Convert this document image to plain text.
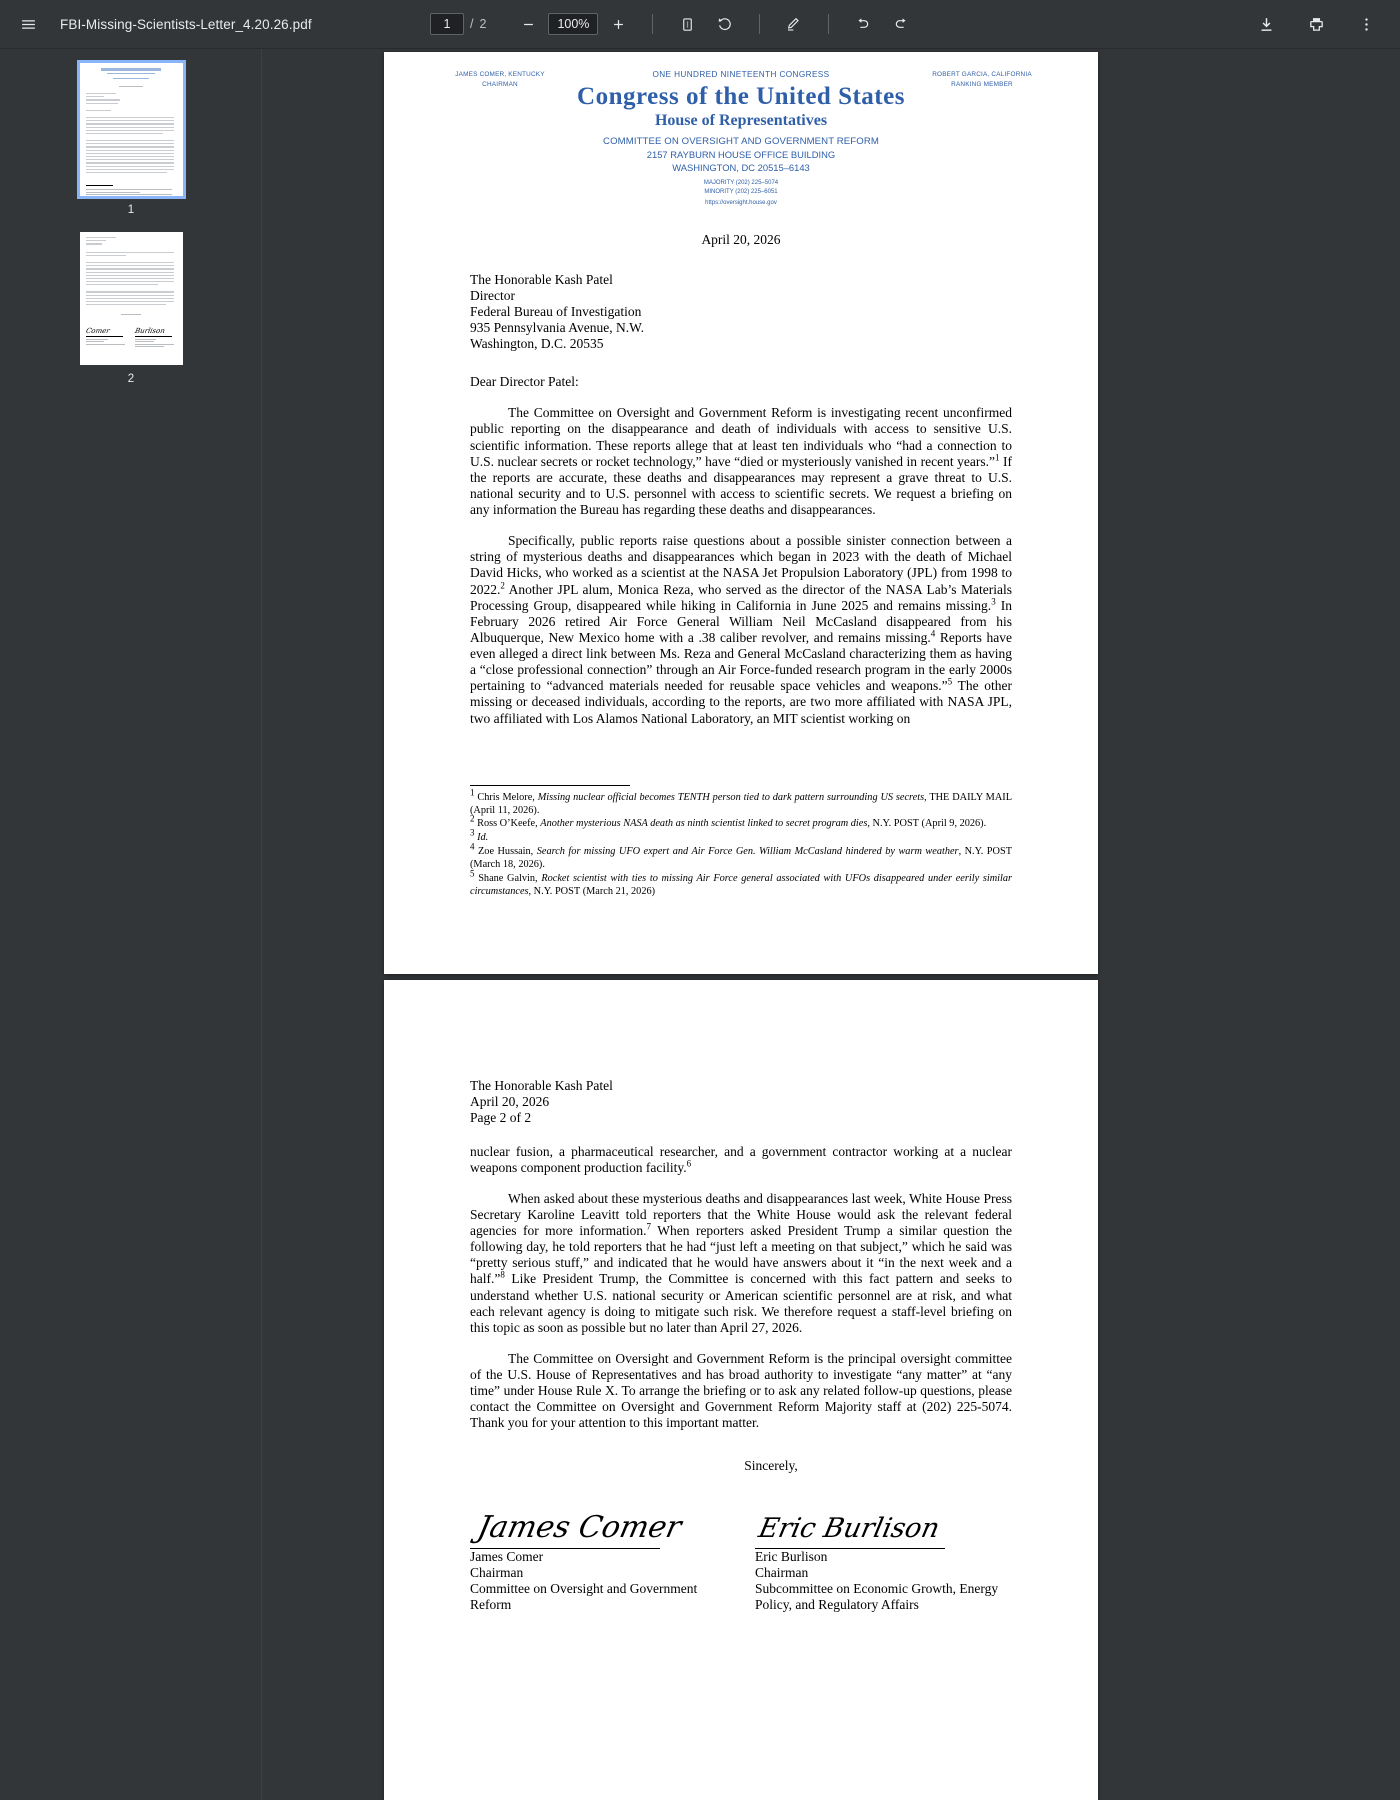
FBI-Missing-Scientists-Letter_4.20.26.pdf
1	/ 2	100%
1
Comer	Burlison
2
JAMES COMER, KENTUCKY
CHAIRMAN
ROBERT GARCIA, CALIFORNIA
RANKING MEMBER
ONE HUNDRED NINETEENTH CONGRESS
Congress of the United States
House of Representatives
COMMITTEE ON OVERSIGHT AND GOVERNMENT REFORM
2157 RAYBURN HOUSE OFFICE BUILDING
WASHINGTON, DC 20515–6143
MAJORITY (202) 225–5074
MINORITY (202) 225–6051
https://oversight.house.gov
April 20, 2026
The Honorable Kash Patel
Director
Federal Bureau of Investigation
935 Pennsylvania Avenue, N.W.
Washington, D.C. 20535
Dear Director Patel:

The Committee on Oversight and Government Reform is investigating recent unconfirmed public reporting on the disappearance and death of individuals with access to sensitive U.S. scientific information. These reports allege that at least ten individuals who “had a connection to U.S. nuclear secrets or rocket technology,” have “died or mysteriously vanished in recent years.”$^1$ If the reports are accurate, these deaths and disappearances may represent a grave threat to U.S. national security and to U.S. personnel with access to scientific secrets. We request a briefing on any information the Bureau has regarding these deaths and disappearances.

Specifically, public reports raise questions about a possible sinister connection between a string of mysterious deaths and disappearances which began in 2023 with the death of Michael David Hicks, who worked as a scientist at the NASA Jet Propulsion Laboratory (JPL) from 1998 to 2022.$^2$ Another JPL alum, Monica Reza, who served as the director of the NASA Lab’s Materials Processing Group, disappeared while hiking in California in June 2025 and remains missing.$^3$ In February 2026 retired Air Force General William Neil McCasland disappeared from his Albuquerque, New Mexico home with a .38 caliber revolver, and remains missing.$^4$ Reports have even alleged a direct link between Ms. Reza and General McCasland characterizing them as having a “close professional connection” through an Air Force-funded research program in the early 2000s pertaining to “advanced materials needed for reusable space vehicles and weapons.”$^5$ The other missing or deceased individuals, according to the reports, are two more affiliated with NASA JPL, two affiliated with Los Alamos National Laboratory, an MIT scientist working on

$^1$ Chris Melore, Missing nuclear official becomes TENTH person tied to dark pattern surrounding US secrets, THE DAILY MAIL (April 11, 2026).
$^2$ Ross O’Keefe, Another mysterious NASA death as ninth scientist linked to secret program dies, N.Y. POST (April 9, 2026).
$^3$ Id.
$^4$ Zoe Hussain, Search for missing UFO expert and Air Force Gen. William McCasland hindered by warm weather, N.Y. POST (March 18, 2026).
$^5$ Shane Galvin, Rocket scientist with ties to missing Air Force general associated with UFOs disappeared under eerily similar circumstances, N.Y. POST (March 21, 2026)
The Honorable Kash Patel
April 20, 2026
Page 2 of 2

nuclear fusion, a pharmaceutical researcher, and a government contractor working at a nuclear weapons component production facility.$^6$

When asked about these mysterious deaths and disappearances last week, White House Press Secretary Karoline Leavitt told reporters that the White House would ask the relevant federal agencies for more information.$^7$ When reporters asked President Trump a similar question the following day, he told reporters that he had “just left a meeting on that subject,” which he said was “pretty serious stuff,” and indicated that he would have answers about it “in the next week and a half.”$^8$ Like President Trump, the Committee is concerned with this fact pattern and seeks to understand whether U.S. national security or American scientific personnel are at risk, and what each relevant agency is doing to mitigate such risk. We therefore request a staff-level briefing on this topic as soon as possible but no later than April 27, 2026.

The Committee on Oversight and Government Reform is the principal oversight committee of the U.S. House of Representatives and has broad authority to investigate “any matter” at “any time” under House Rule X. To arrange the briefing or to ask any related follow-up questions, please contact the Committee on Oversight and Government Reform Majority staff at (202) 225-5074. Thank you for your attention to this important matter.

Sincerely,
James Comer
James Comer
Chairman
Committee on Oversight and Government Reform
Eric Burlison
Eric Burlison
Chairman
Subcommittee on Economic Growth, Energy Policy, and Regulatory Affairs
